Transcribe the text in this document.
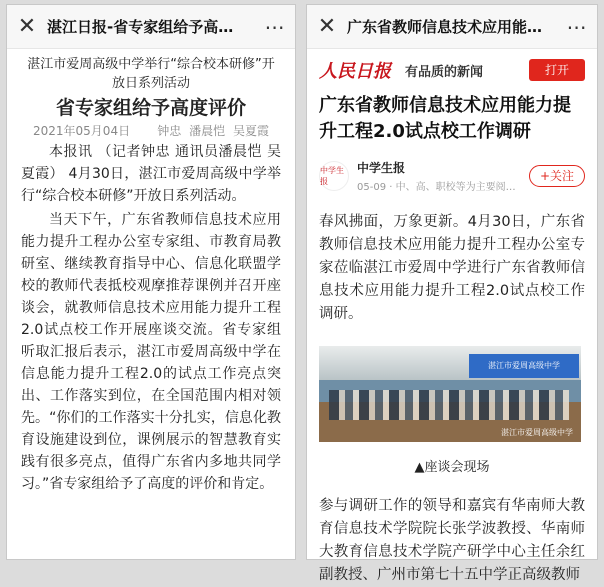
✕ 湛江日报-省专家组给予高…	⋯
湛江市爱周高级中学举行“综合校本研修”开放日系列活动
省专家组给予高度评价
2021年05月04日	钟忠 潘晨恺 吴夏霞

本报讯 （记者钟忠 通讯员潘晨恺 吴夏霞） 4月30日，湛江市爱周高级中学举行“综合校本研修”开放日系列活动。

当天下午，广东省教师信息技术应用能力提升工程办公室专家组、市教育局教研室、继续教育指导中心、信息化联盟学校的教师代表抵校观摩推荐课例并召开座谈会，就教师信息技术应用能力提升工程2.0试点校工作开展座谈交流。省专家组听取汇报后表示，湛江市爱周高级中学在信息能力提升工程2.0的试点工作亮点突出、工作落实到位，在全国范围内相对领先。“你们的工作落实十分扎实，信息化教育设施建设到位，课例展示的智慧教育实践有很多亮点，值得广东省内多地共同学习。”省专家组给予了高度的评价和肯定。

✕ 广东省教师信息技术应用能…	⋯
人民日报 有品质的新闻	打开
广东省教师信息技术应用能力提升工程2.0试点校工作调研
中学生报
中学生报
05-09 · 中、高、职校等为主要阅…
+关注

春风拂面，万象更新。4月30日，广东省教师信息技术应用能力提升工程办公室专家莅临湛江市爱周中学进行广东省教师信息技术应用能力提升工程2.0试点校工作调研。

湛江市爱周高级中学
湛江市爱周高级中学
▲座谈会现场

参与调研工作的领导和嘉宾有华南师大教育信息技术学院院长张学波教授、华南师大教育信息技术学院产研学中心主任余红副教授、广州市第七十五中学正高级教师
